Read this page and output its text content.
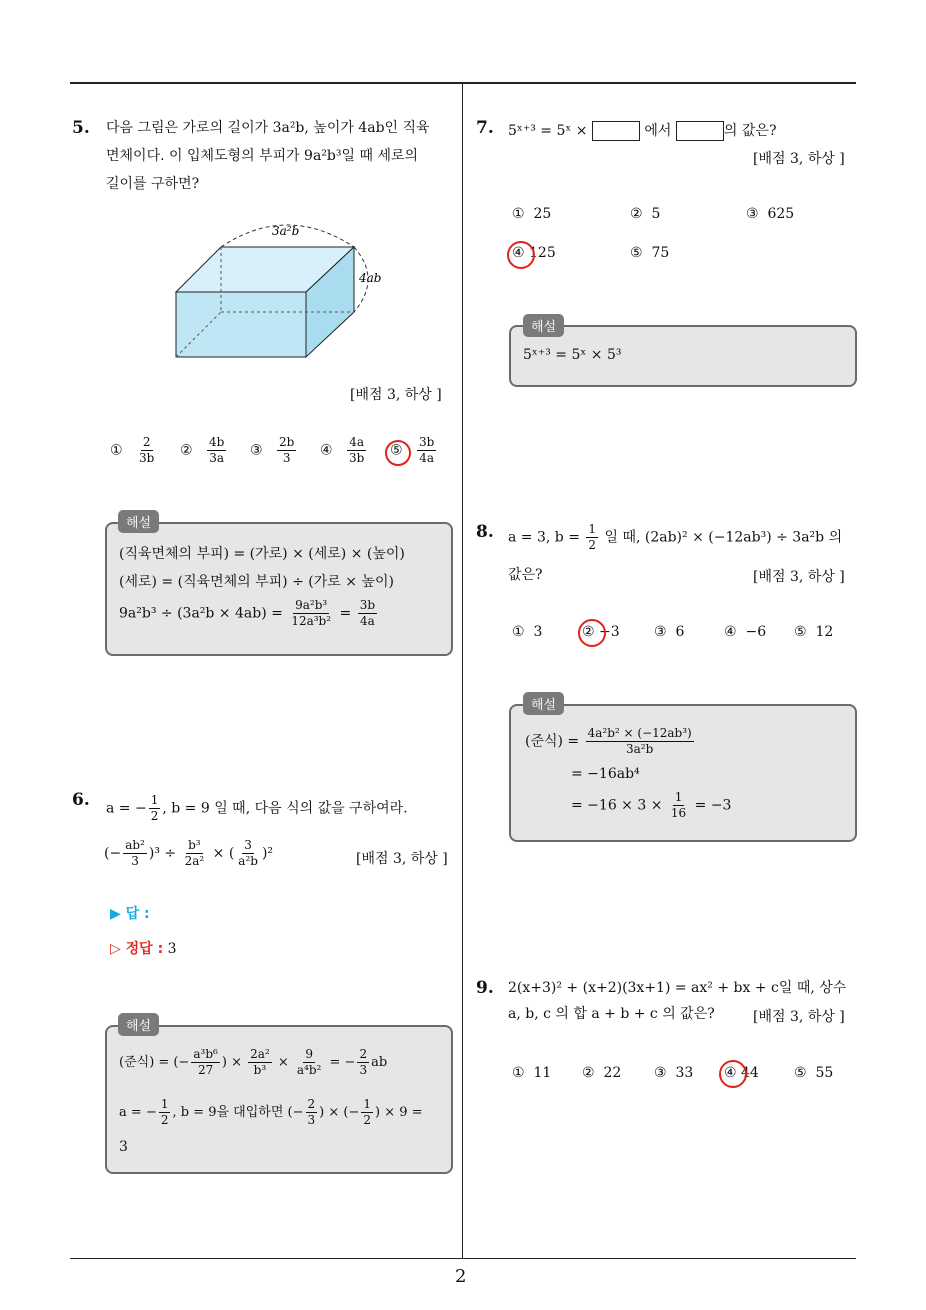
2
5. 다음 그림은 가로의 길이가 3a²b, 높이가 4ab인 직육
면체이다. 이 입체도형의 부피가 9a²b³일 때 세로의
길이를 구하면?
3a²b
4ab
[배점 3, 하상 ]
① $\frac{2}{3b}$ ② $\frac{4b}{3a}$ ③ $\frac{2b}{3}$ ④ $\frac{4a}{3b}$ ⑤ $\frac{3b}{4a}$
(직육면체의 부피) = (가로) × (세로) × (높이)
(세로) = (직육면체의 부피) ÷ (가로 × 높이)
$9a^2b^3 \div (3a^2b \times 4ab) = \frac{\text{9a²b³}}{\text{12a³b²}} = \frac{3b}{4a}$
해설
6. a = − $\frac{1}{2}$ , b = 9 일 때, 다음 식의 값을 구하여라.
(− $\frac{\text{ab²}}{3} )^3 \div \frac{\text{b³}}{\text{2a²}}$ × ( $\frac{3}{\text{a²b}} )^2$	[배점 3, 하상 ]
▶ 답 :
▷ 정답 : 3
(준식) = (− $\frac{\text{a³b⁶}}{27}$ ) × $\frac{\text{2a²}}{\text{b³}} \times \frac{9}{\text{a⁴b²}}$ = − $\frac{2}{3}$ ab
a = − $\frac{1}{2}$ , b = 9을 대입하면 (− $\frac{2}{3}$ ) × (− $\frac{1}{2}$ ) × 9 =
3
해설
7. 5ˣ⁺³ = 5ˣ ×	에서	의 값은?
[배점 3, 하상 ]
① 25	② 5	③ 625
④ 125	⑤ 75
5ˣ⁺³ = 5ˣ × 5³
해설
8. a = 3, $b = \frac{1}{2}$ 일 때, (2ab)² × (−12ab³) ÷ 3a²b 의
값은?	[배점 3, 하상 ]
① 3	② −3 ③ 6	④ −6 ⑤ 12
(준식) = $\frac{\text{4a²b² × (−12ab³)}}{\text{3a²b}}$
= −16ab⁴
= $-16 \times 3 \times \frac{1}{16} = -3$
해설
9. 2(x+3)² + (x+2)(3x+1) = ax² + bx + c일 때, 상수
a, b, c 의 합 a + b + c 의 값은?	[배점 3, 하상 ]
① 11 ② 22 ③ 33 ④ 44	⑤ 55
